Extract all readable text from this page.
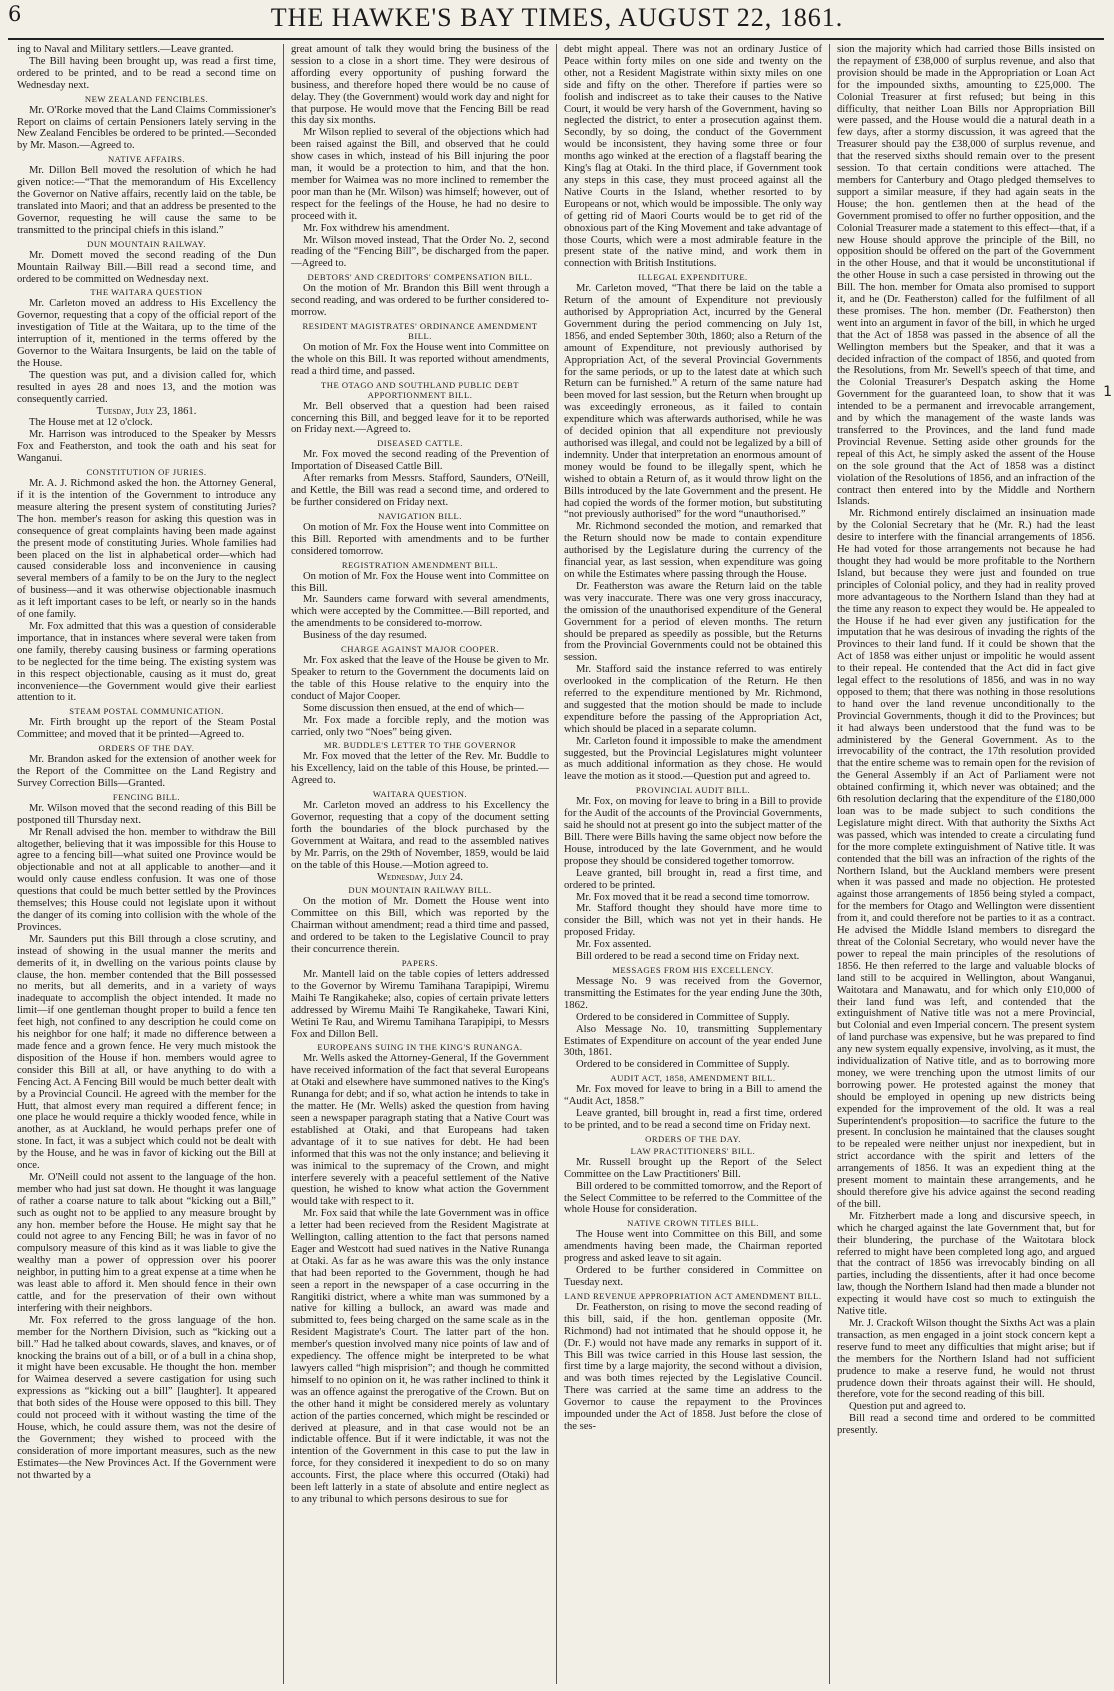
6	THE HAWKE'S BAY TIMES, AUGUST 22, 1861.

ing to Naval and Military settlers.—Leave granted.

The Bill having been brought up, was read a first time, ordered to be printed, and to be read a second time on Wednesday next.

NEW ZEALAND FENCIBLES.

Mr. O'Rorke moved that the Land Claims Commissioner's Report on claims of certain Pensioners lately serving in the New Zealand Fencibles be ordered to be printed.—Seconded by Mr. Mason.—Agreed to.

NATIVE AFFAIRS.

Mr. Dillon Bell moved the resolution of which he had given notice:—“That the memorandum of His Excellency the Governor on Native affairs, recently laid on the table, be translated into Maori; and that an address be presented to the Governor, requesting he will cause the same to be transmitted to the principal chiefs in this island.”

DUN MOUNTAIN RAILWAY.

Mr. Domett moved the second reading of the Dun Mountain Railway Bill.—Bill read a second time, and ordered to be committed on Wednesday next.

THE WAITARA QUESTION

Mr. Carleton moved an address to His Excellency the Governor, requesting that a copy of the official report of the investigation of Title at the Waitara, up to the time of the interruption of it, mentioned in the terms offered by the Governor to the Waitara Insurgents, be laid on the table of the House.

The question was put, and a division called for, which resulted in ayes 28 and noes 13, and the motion was consequently carried.

Tuesday, July 23, 1861.

The House met at 12 o'clock.

Mr. Harrison was introduced to the Speaker by Messrs Fox and Featherston, and took the oath and his seat for Wanganui.

CONSTITUTION OF JURIES.

Mr. A. J. Richmond asked the hon. the Attorney General, if it is the intention of the Government to introduce any measure altering the present system of constituting Juries? The hon. member's reason for asking this question was in consequence of great complaints having been made against the present mode of constituting Juries. Whole families had been placed on the list in alphabetical order—which had caused considerable loss and inconvenience in causing several members of a family to be on the Jury to the neglect of business—and it was otherwise objectionable inasmuch as it left important cases to be left, or nearly so in the hands of one family.

Mr. Fox admitted that this was a question of considerable importance, that in instances where several were taken from one family, thereby causing business or farming operations to be neglected for the time being. The existing system was in this respect objectionable, causing as it must do, great inconvenience—the Government would give their earliest attention to it.

STEAM POSTAL COMMUNICATION.

Mr. Firth brought up the report of the Steam Postal Committee; and moved that it be printed—Agreed to.

ORDERS OF THE DAY.

Mr. Brandon asked for the extension of another week for the Report of the Committee on the Land Registry and Survey Correction Bills—Granted.

FENCING BILL.

Mr. Wilson moved that the second reading of this Bill be postponed till Thursday next.

Mr Renall advised the hon. member to withdraw the Bill altogether, believing that it was impossible for this House to agree to a fencing bill—what suited one Province would be objectionable and not at all applicable to another—and it would only cause endless confusion. It was one of those questions that could be much better settled by the Provinces themselves; this House could not legislate upon it without the danger of its coming into collision with the whole of the Provinces.

Mr. Saunders put this Bill through a close scrutiny, and instead of showing in the usual manner the merits and demerits of it, in dwelling on the various points clause by clause, the hon. member contended that the Bill possessed no merits, but all demerits, and in a variety of ways inadequate to accomplish the object intended. It made no limit—if one gentleman thought proper to build a fence ten feet high, not confined to any description he could come on his neighbor for one half; it made no difference between a made fence and a grown fence. He very much mistook the disposition of the House if hon. members would agree to consider this Bill at all, or have anything to do with a Fencing Act. A Fencing Bill would be much better dealt with by a Provincial Council. He agreed with the member for the Hutt, that almost every man required a different fence; in one place he would require a thickly wooded fence, while in another, as at Auckland, he would perhaps prefer one of stone. In fact, it was a subject which could not be dealt with by the House, and he was in favor of kicking out the Bill at once.

Mr. O'Neill could not assent to the language of the hon. member who had just sat down. He thought it was language of rather a coarse nature to talk about “kicking out a Bill,” such as ought not to be applied to any measure brought by any hon. member before the House. He might say that he could not agree to any Fencing Bill; he was in favor of no compulsory measure of this kind as it was liable to give the wealthy man a power of oppression over his poorer neighbor, in putting him to a great expense at a time when he was least able to afford it. Men should fence in their own cattle, and for the preservation of their own without interfering with their neighbors.

Mr. Fox referred to the gross language of the hon. member for the Northern Division, such as “kicking out a bill.” Had he talked about cowards, slaves, and knaves, or of knocking the brains out of a bill, or of a bull in a china shop, it might have been excusable. He thought the hon. member for Waimea deserved a severe castigation for using such expressions as “kicking out a bill” [laughter]. It appeared that both sides of the House were opposed to this bill. They could not proceed with it without wasting the time of the House, which, he could assure them, was not the desire of the Government; they wished to proceed with the consideration of more important measures, such as the new Estimates—the New Provinces Act. If the Government were not thwarted by a

great amount of talk they would bring the business of the session to a close in a short time. They were desirous of affording every opportunity of pushing forward the business, and therefore hoped there would be no cause of delay. They (the Government) would work day and night for that purpose. He would move that the Fencing Bill be read this day six months.

Mr Wilson replied to several of the objections which had been raised against the Bill, and observed that he could show cases in which, instead of his Bill injuring the poor man, it would be a protection to him, and that the hon. member for Waimea was no more inclined to remember the poor man than he (Mr. Wilson) was himself; however, out of respect for the feelings of the House, he had no desire to proceed with it.

Mr. Fox withdrew his amendment.

Mr. Wilson moved instead, That the Order No. 2, second reading of the “Fencing Bill”, be discharged from the paper.—Agreed to.

DEBTORS' AND CREDITORS' COMPENSATION BILL.

On the motion of Mr. Brandon this Bill went through a second reading, and was ordered to be further considered to-morrow.

RESIDENT MAGISTRATES' ORDINANCE AMENDMENT BILL.

On motion of Mr. Fox the House went into Committee on the whole on this Bill. It was reported without amendments, read a third time, and passed.

THE OTAGO AND SOUTHLAND PUBLIC DEBT APPORTIONMENT BILL.

Mr. Bell observed that a question had been raised concerning this Bill, and begged leave for it to be reported on Friday next.—Agreed to.

DISEASED CATTLE.

Mr. Fox moved the second reading of the Prevention of Importation of Diseased Cattle Bill.

After remarks from Messrs. Stafford, Saunders, O'Neill, and Kettle, the Bill was read a second time, and ordered to be further considered on Friday next.

NAVIGATION BILL.

On motion of Mr. Fox the House went into Committee on this Bill. Reported with amendments and to be further considered tomorrow.

REGISTRATION AMENDMENT BILL.

On motion of Mr. Fox the House went into Committee on this Bill.

Mr. Saunders came forward with several amendments, which were accepted by the Committee.—Bill reported, and the amendments to be considered to-morrow.

Business of the day resumed.

CHARGE AGAINST MAJOR COOPER.

Mr. Fox asked that the leave of the House be given to Mr. Speaker to return to the Government the documents laid on the table of this House relative to the enquiry into the conduct of Major Cooper.

Some discussion then ensued, at the end of which—

Mr. Fox made a forcible reply, and the motion was carried, only two “Noes” being given.

MR. BUDDLE'S LETTER TO THE GOVERNOR

Mr. Fox moved that the letter of the Rev. Mr. Buddle to his Excellency, laid on the table of this House, be printed.—Agreed to.

WAITARA QUESTION.

Mr. Carleton moved an address to his Excellency the Governor, requesting that a copy of the document setting forth the boundaries of the block purchased by the Government at Waitara, and read to the assembled natives by Mr. Parris, on the 29th of November, 1859, would be laid on the table of this House.—Motion agreed to.

Wednesday, July 24.

DUN MOUNTAIN RAILWAY BILL.

On the motion of Mr. Domett the House went into Committee on this Bill, which was reported by the Chairman without amendment; read a third time and passed, and ordered to be taken to the Legislative Council to pray their concurrence therein.

PAPERS.

Mr. Mantell laid on the table copies of letters addressed to the Governor by Wiremu Tamihana Tarapipipi, Wiremu Maihi Te Rangikaheke; also, copies of certain private letters addressed by Wiremu Maihi Te Rangikaheke, Tawari Kini, Wetini Te Rau, and Wiremu Tamihana Tarapipipi, to Messrs Fox and Dillon Bell.

EUROPEANS SUING IN THE KING'S RUNANGA.

Mr. Wells asked the Attorney-General, If the Government have received information of the fact that several Europeans at Otaki and elsewhere have summoned natives to the King's Runanga for debt; and if so, what action he intends to take in the matter. He (Mr. Wells) asked the question from having seen a newspaper paragraph stating that a Native Court was established at Otaki, and that Europeans had taken advantage of it to sue natives for debt. He had been informed that this was not the only instance; and believing it was inimical to the supremacy of the Crown, and might interfere severely with a peaceful settlement of the Native question, he wished to know what action the Government would take with respect to it.

Mr. Fox said that while the late Government was in office a letter had been recieved from the Resident Magistrate at Wellington, calling attention to the fact that persons named Eager and Westcott had sued natives in the Native Runanga at Otaki. As far as he was aware this was the only instance that had been reported to the Government, though he had seen a report in the newspaper of a case occurring in the Rangitiki district, where a white man was summoned by a native for killing a bullock, an award was made and submitted to, fees being charged on the same scale as in the Resident Magistrate's Court. The latter part of the hon. member's question involved many nice points of law and of expediency. The offence might be interpreted to be what lawyers called “high misprision”; and though he committed himself to no opinion on it, he was rather inclined to think it was an offence against the prerogative of the Crown. But on the other hand it might be considered merely as voluntary action of the parties concerned, which might be rescinded or derived at pleasure, and in that case would not be an indictable offence. But if it were indictable, it was not the intention of the Government in this case to put the law in force, for they considered it inexpedient to do so on many accounts. First, the place where this occurred (Otaki) had been left latterly in a state of absolute and entire neglect as to any tribunal to which persons desirous to sue for

debt might appeal. There was not an ordinary Justice of Peace within forty miles on one side and twenty on the other, not a Resident Magistrate within sixty miles on one side and fifty on the other. Therefore if parties were so foolish and indiscreet as to take their causes to the Native Court, it would be very harsh of the Government, having so neglected the district, to enter a prosecution against them. Secondly, by so doing, the conduct of the Government would be inconsistent, they having some three or four months ago winked at the erection of a flagstaff bearing the King's flag at Otaki. In the third place, if Government took any steps in this case, they must proceed against all the Native Courts in the Island, whether resorted to by Europeans or not, which would be impossible. The only way of getting rid of Maori Courts would be to get rid of the obnoxious part of the King Movement and take advantage of those Courts, which were a most admirable feature in the present state of the native mind, and work them in connection with British Institutions.

ILLEGAL EXPENDITURE.

Mr. Carleton moved, “That there be laid on the table a Return of the amount of Expenditure not previously authorised by Appropriation Act, incurred by the General Government during the period commencing on July 1st, 1856, and ended September 30th, 1860; also a Return of the amount of Expenditure, not previously authorised by Appropriation Act, of the several Provincial Governments for the same periods, or up to the latest date at which such Return can be furnished.” A return of the same nature had been moved for last session, but the Return when brought up was exceedingly erroneous, as it failed to contain expenditure which was afterwards authorised, while he was of decided opinion that all expenditure not previously authorised was illegal, and could not be legalized by a bill of indemnity. Under that interpretation an enormous amount of money would be found to be illegally spent, which he wished to obtain a Return of, as it would throw light on the Bills introduced by the late Government and the present. He had copied the words of the former motion, but substituting “not previously authorised” for the word “unauthorised.”

Mr. Richmond seconded the motion, and remarked that the Return should now be made to contain expenditure authorised by the Legislature during the currency of the financial year, as last session, when expenditure was going on while the Estimates where passing through the House.

Dr. Featherston was aware the Return laid on the table was very inaccurate. There was one very gross inaccuracy, the omission of the unauthorised expenditure of the General Government for a period of eleven months. The return should be prepared as speedily as possible, but the Returns from the Provincial Governments could not be obtained this session.

Mr. Stafford said the instance referred to was entirely overlooked in the complication of the Return. He then referred to the expenditure mentioned by Mr. Richmond, and suggested that the motion should be made to include expenditure before the passing of the Appropriation Act, which should be placed in a separate column.

Mr. Carleton found it impossible to make the amendment suggested, but the Provincial Legislatures might volunteer as much additional information as they chose. He would leave the motion as it stood.—Question put and agreed to.

PROVINCIAL AUDIT BILL.

Mr. Fox, on moving for leave to bring in a Bill to provide for the Audit of the accounts of the Provincial Governments, said he should not at present go into the subject matter of the Bill. There were Bills having the same object now before the House, introduced by the late Government, and he would propose they should be considered together tomorrow.

Leave granted, bill brought in, read a first time, and ordered to be printed.

Mr. Fox moved that it be read a second time tomorrow.

Mr. Stafford thought they should have more time to consider the Bill, which was not yet in their hands. He proposed Friday.

Mr. Fox assented.

Bill ordered to be read a second time on Friday next.

MESSAGES FROM HIS EXCELLENCY.

Message No. 9 was received from the Governor, transmitting the Estimates for the year ending June the 30th, 1862.

Ordered to be considered in Committee of Supply.

Also Message No. 10, transmitting Supplementary Estimates of Expenditure on account of the year ended June 30th, 1861.

Ordered to be considered in Committee of Supply.

AUDIT ACT, 1858, AMENDMENT BILL.

Mr. Fox moved for leave to bring in a Bill to amend the “Audit Act, 1858.”

Leave granted, bill brought in, read a first time, ordered to be printed, and to be read a second time on Friday next.

ORDERS OF THE DAY.
LAW PRACTITIONERS' BILL.

Mr. Russell brought up the Report of the Select Committee on the Law Practitioners' Bill.

Bill ordered to be committed tomorrow, and the Report of the Select Committee to be referred to the Committee of the whole House for consideration.

NATIVE CROWN TITLES BILL.

The House went into Committee on this Bill, and some amendments having been made, the Chairman reported progress and asked leave to sit again.

Ordered to be further considered in Committee on Tuesday next.

LAND REVENUE APPROPRIATION ACT AMENDMENT BILL.

Dr. Featherston, on rising to move the second reading of this bill, said, if the hon. gentleman opposite (Mr. Richmond) had not intimated that he should oppose it, he (Dr. F.) would not have made any remarks in support of it. This Bill was twice carried in this House last session, the first time by a large majority, the second without a division, and was both times rejected by the Legislative Council. There was carried at the same time an address to the Governor to cause the repayment to the Provinces impounded under the Act of 1858. Just before the close of the ses-

sion the majority which had carried those Bills insisted on the repayment of £38,000 of surplus revenue, and also that provision should be made in the Appropriation or Loan Act for the impounded sixths, amounting to £25,000. The Colonial Treasurer at first refused; but being in this difficulty, that neither Loan Bills nor Appropriation Bill were passed, and the House would die a natural death in a few days, after a stormy discussion, it was agreed that the Treasurer should pay the £38,000 of surplus revenue, and that the reserved sixths should remain over to the present session. To that certain conditions were attached. The members for Canterbury and Otago pledged themselves to support a similar measure, if they had again seats in the House; the hon. gentlemen then at the head of the Government promised to offer no further opposition, and the Colonial Treasurer made a statement to this effect—that, if a new House should approve the principle of the Bill, no opposition should be offered on the part of the Government in the other House, and that it would be unconstitutional if the other House in such a case persisted in throwing out the Bill. The hon. member for Omata also promised to support it, and he (Dr. Featherston) called for the fulfilment of all these promises. The hon. member (Dr. Featherston) then went into an argument in favor of the bill, in which he urged that the Act of 1858 was passed in the absence of all the Wellington members but the Speaker, and that it was a decided infraction of the compact of 1856, and quoted from the Resolutions, from Mr. Sewell's speech of that time, and the Colonial Treasurer's Despatch asking the Home Government for the guaranteed loan, to show that it was intended to be a permanent and irrevocable arrangement, and by which the management of the waste lands was transferred to the Provinces, and the land fund made Provincial Revenue. Setting aside other grounds for the repeal of this Act, he simply asked the assent of the House on the sole ground that the Act of 1858 was a distinct violation of the Resolutions of 1856, and an infraction of the contract then entered into by the Middle and Northern Islands.

Mr. Richmond entirely disclaimed an insinuation made by the Colonial Secretary that he (Mr. R.) had the least desire to interfere with the financial arrangements of 1856. He had voted for those arrangements not because he had thought they had would be more profitable to the Northern Island, but because they were just and founded on true principles of Colonial policy, and they had in reality proved more advantageous to the Northern Island than they had at the time any reason to expect they would be. He appealed to the House if he had ever given any justification for the imputation that he was desirous of invading the rights of the Provinces to their land fund. If it could be shown that the Act of 1858 was either unjust or impolitic he would assent to their repeal. He contended that the Act did in fact give legal effect to the resolutions of 1856, and was in no way opposed to them; that there was nothing in those resolutions to hand over the land revenue unconditionally to the Provincial Governments, though it did to the Provinces; but it had always been understood that the fund was to be administered by the General Government. As to the irrevocability of the contract, the 17th resolution provided that the entire scheme was to remain open for the revision of the General Assembly if an Act of Parliament were not obtained confirming it, which never was obtained; and the 6th resolution declaring that the expenditure of the £180,000 loan was to be made subject to such conditions the Legislature might direct. With that authority the Sixths Act was passed, which was intended to create a circulating fund for the more complete extinguishment of Native title. It was contended that the bill was an infraction of the rights of the Northern Island, but the Auckland members were present when it was passed and made no objection. He protested against those arrangements of 1856 being styled a compact, for the members for Otago and Wellington were dissentient from it, and could therefore not be parties to it as a contract. He advised the Middle Island members to disregard the threat of the Colonial Secretary, who would never have the power to repeal the main principles of the resolutions of 1856. He then referred to the large and valuable blocks of land still to be acquired in Wellington, about Wanganui, Waitotara and Manawatu, and for which only £10,000 of their land fund was left, and contended that the extinguishment of Native title was not a mere Provincial, but Colonial and even Imperial concern. The present system of land purchase was expensive, but he was prepared to find any new system equally expensive, involving, as it must, the individualization of Native title, and as to borrowing more money, we were trenching upon the utmost limits of our borrowing power. He protested against the money that should be employed in opening up new districts being expended for the improvement of the old. It was a real Superintendent's proposition—to sacrifice the future to the present. In conclusion he maintained that the clauses sought to be repealed were neither unjust nor inexpedient, but in strict accordance with the spirit and letters of the arrangements of 1856. It was an expedient thing at the present moment to maintain these arrangements, and he should therefore give his advice against the second reading of the bill.

Mr. Fitzherbert made a long and discursive speech, in which he charged against the late Government that, but for their blundering, the purchase of the Waitotara block referred to might have been completed long ago, and argued that the contract of 1856 was irrevocably binding on all parties, including the dissentients, after it had once become law, though the Northern Island had then made a blunder not expecting it would have cost so much to extinguish the Native title.

Mr. J. Crackoft Wilson thought the Sixths Act was a plain transaction, as men engaged in a joint stock concern kept a reserve fund to meet any difficulties that might arise; but if the members for the Northern Island had not sufficient prudence to make a reserve fund, he would not thrust prudence down their throats against their will. He should, therefore, vote for the second reading of this bill.

Question put and agreed to.

Bill read a second time and ordered to be committed presently.

1
